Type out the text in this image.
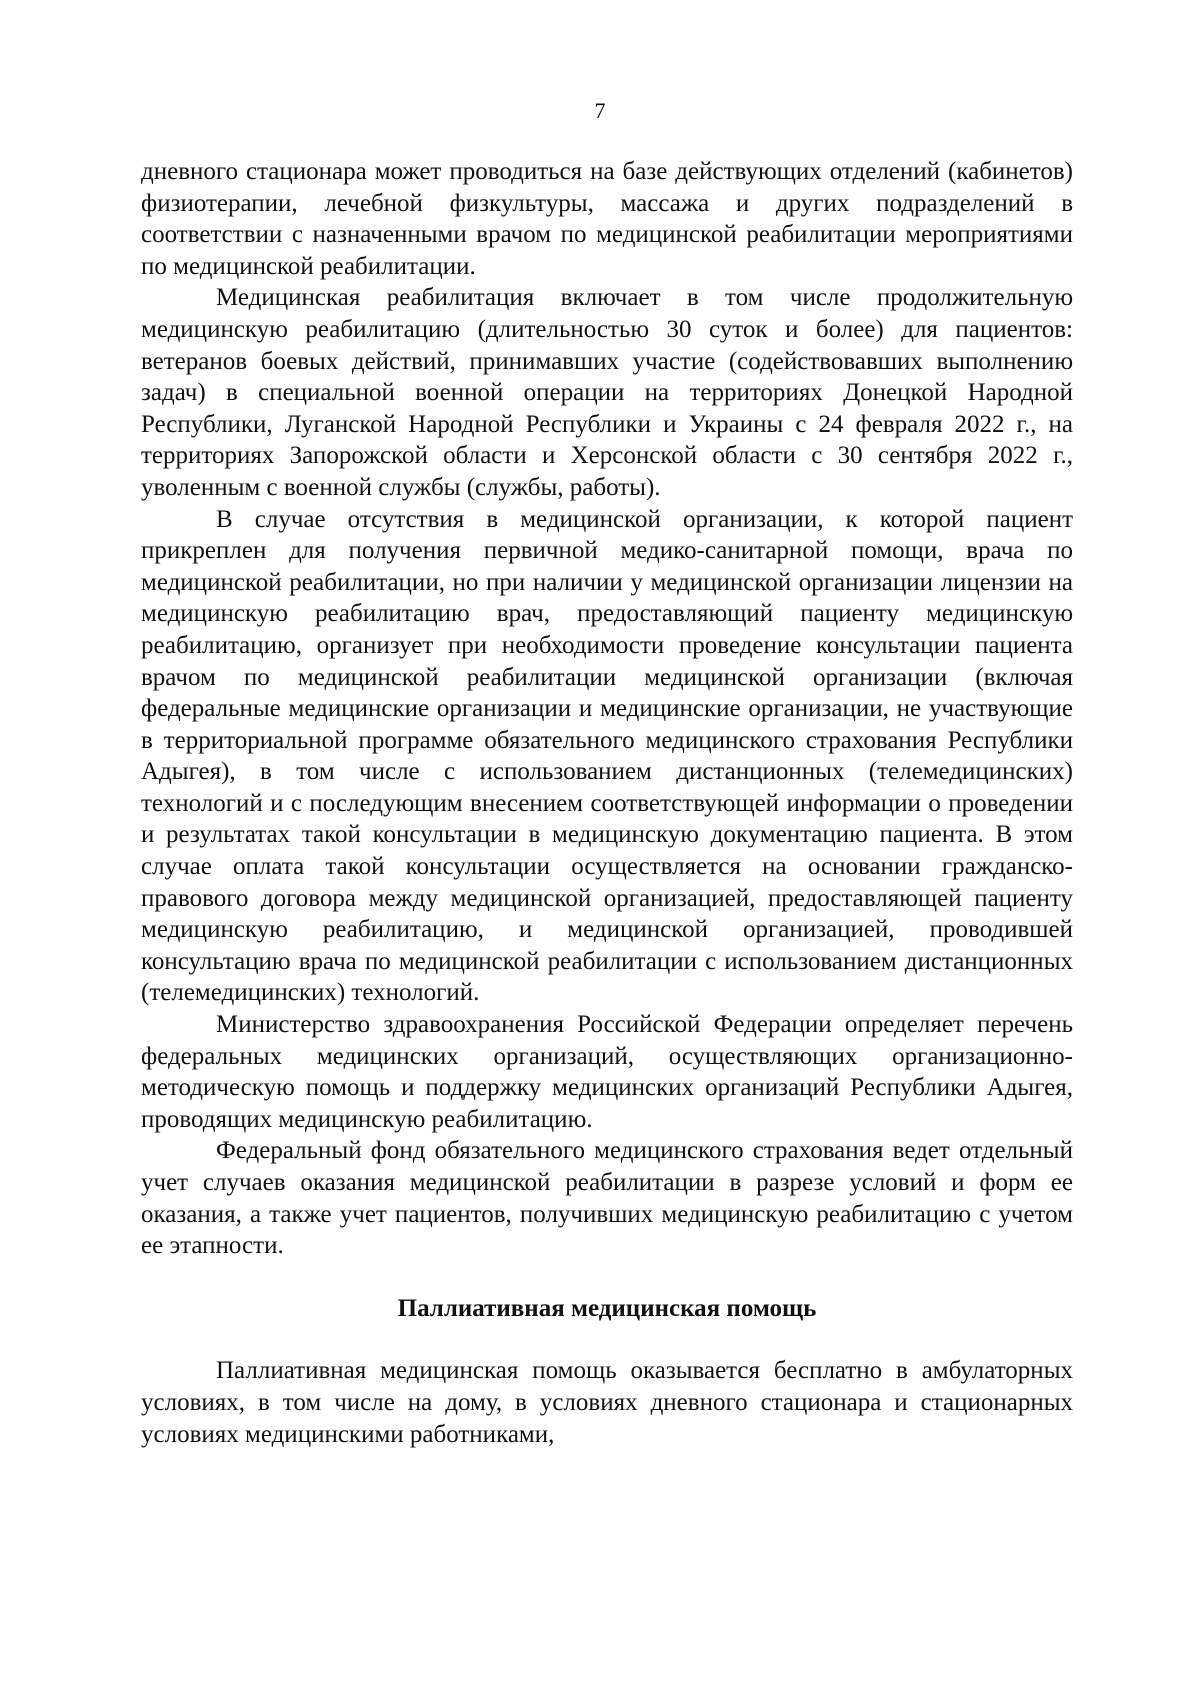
7

дневного стационара может проводиться на базе действующих отделений (кабинетов) физиотерапии, лечебной физкультуры, массажа и других подразделений в соответствии с назначенными врачом по медицинской реабилитации мероприятиями по медицинской реабилитации.

Медицинская реабилитация включает в том числе продолжительную медицинскую реабилитацию (длительностью 30 суток и более) для пациентов: ветеранов боевых действий, принимавших участие (содействовавших выполнению задач) в специальной военной операции на территориях Донецкой Народной Республики, Луганской Народной Республики и Украины с 24 февраля 2022 г., на территориях Запорожской области и Херсонской области с 30 сентября 2022 г., уволенным с военной службы (службы, работы).

В случае отсутствия в медицинской организации, к которой пациент прикреплен для получения первичной медико-санитарной помощи, врача по медицинской реабилитации, но при наличии у медицинской организации лицензии на медицинскую реабилитацию врач, предоставляющий пациенту медицинскую реабилитацию, организует при необходимости проведение консультации пациента врачом по медицинской реабилитации медицинской организации (включая федеральные медицинские организации и медицинские организации, не участвующие в территориальной программе обязательного медицинского страхования Республики Адыгея), в том числе с использованием дистанционных (телемедицинских) технологий и с последующим внесением соответствующей информации о проведении и результатах такой консультации в медицинскую документацию пациента. В этом случае оплата такой консультации осуществляется на основании гражданско-правового договора между медицинской организацией, предоставляющей пациенту медицинскую реабилитацию, и медицинской организацией, проводившей консультацию врача по медицинской реабилитации с использованием дистанционных (телемедицинских) технологий.

Министерство здравоохранения Российской Федерации определяет перечень федеральных медицинских организаций, осуществляющих организационно-методическую помощь и поддержку медицинских организаций Республики Адыгея, проводящих медицинскую реабилитацию.

Федеральный фонд обязательного медицинского страхования ведет отдельный учет случаев оказания медицинской реабилитации в разрезе условий и форм ее оказания, а также учет пациентов, получивших медицинскую реабилитацию с учетом ее этапности.

Паллиативная медицинская помощь

Паллиативная медицинская помощь оказывается бесплатно в амбулаторных условиях, в том числе на дому, в условиях дневного стационара и стационарных условиях медицинскими работниками,
